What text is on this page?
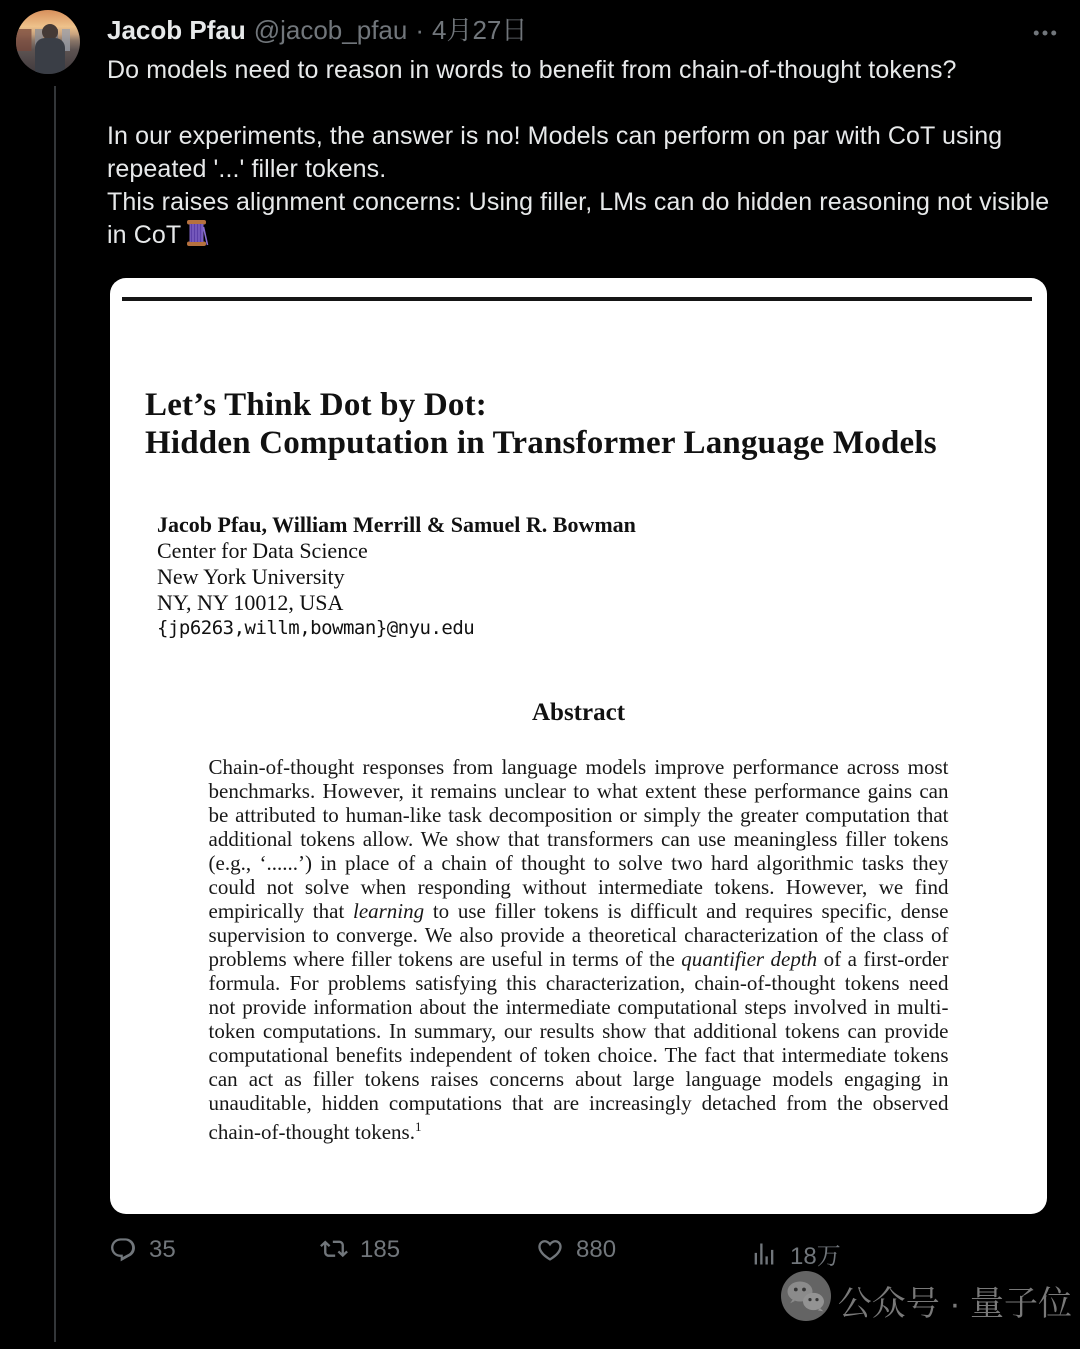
Jacob Pfau @jacob_pfau · 4月27日
Do models need to reason in words to benefit from chain-of-thought tokens?
In our experiments, the answer is no! Models can perform on par with CoT using repeated '...' filler tokens.
This raises alignment concerns: Using filler, LMs can do hidden reasoning not visible in CoT
Let’s Think Dot by Dot:
Hidden Computation in Transformer Language Models
Jacob Pfau, William Merrill & Samuel R. Bowman
Center for Data Science
New York University
NY, NY 10012, USA
{jp6263,willm,bowman}@nyu.edu
Abstract
Chain-of-thought responses from language models improve performance across most benchmarks. However, it remains unclear to what extent these performance gains can be attributed to human-like task decomposition or simply the greater computation that additional tokens allow. We show that transformers can use meaningless filler tokens (e.g., ‘......’) in place of a chain of thought to solve two hard algorithmic tasks they could not solve when responding without intermediate tokens. However, we find empirically that learning to use filler tokens is difficult and requires specific, dense supervision to converge. We also provide a theoretical characterization of the class of problems where filler tokens are useful in terms of the quantifier depth of a first-order formula. For problems satisfying this characterization, chain-of-thought tokens need not provide information about the intermediate computational steps involved in multi-token computations. In summary, our results show that additional tokens can provide computational benefits independent of token choice. The fact that intermediate tokens can act as filler tokens raises concerns about large language models engaging in unauditable, hidden computations that are increasingly detached from the observed chain-of-thought tokens.$^1$
35	185	880	18万
公众号 · 量子位
